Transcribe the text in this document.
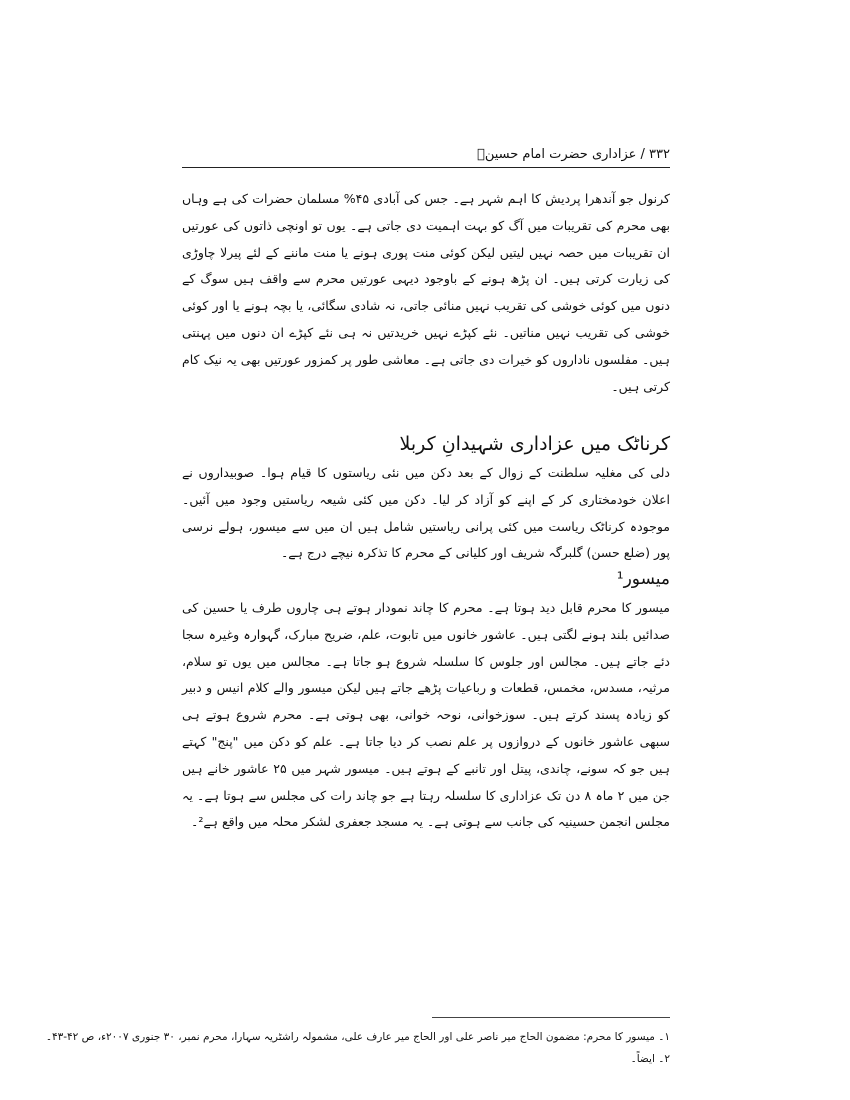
۳۳۲ / عزاداری حضرت امام حسینؑ

کرنول جو آندھرا پردیش کا اہم شہر ہے۔ جس کی آبادی ۴۵% مسلمان حضرات کی ہے وہاں بھی محرم کی تقریبات میں آگ کو بہت اہمیت دی جاتی ہے۔ یوں تو اونچی ذاتوں کی عورتیں ان تقریبات میں حصہ نہیں لیتیں لیکن کوئی منت پوری ہونے یا منت ماننے کے لئے پیرلا چاوڑی کی زیارت کرتی ہیں۔ ان پڑھ ہونے کے باوجود دیہی عورتیں محرم سے واقف ہیں سوگ کے دنوں میں کوئی خوشی کی تقریب نہیں منائی جاتی، نہ شادی سگائی، یا بچہ ہونے یا اور کوئی خوشی کی تقریب نہیں مناتیں۔ نئے کپڑے نہیں خریدتیں نہ ہی نئے کپڑے ان دنوں میں پہنتی ہیں۔ مفلسوں ناداروں کو خیرات دی جاتی ہے۔ معاشی طور پر کمزور عورتیں بھی یہ نیک کام کرتی ہیں۔

کرناٹک میں عزاداری شہیدانِ کربلا

دلی کی مغلیہ سلطنت کے زوال کے بعد دکن میں نئی ریاستوں کا قیام ہوا۔ صوبیداروں نے اعلان خودمختاری کر کے اپنے کو آزاد کر لیا۔ دکن میں کئی شیعہ ریاستیں وجود میں آئیں۔ موجودہ کرناٹک ریاست میں کئی پرانی ریاستیں شامل ہیں ان میں سے میسور، ہولے نرسی پور (ضلع حسن) گلبرگہ شریف اور کلیانی کے محرم کا تذکرہ نیچے درج ہے۔

میسور¹

میسور کا محرم قابل دید ہوتا ہے۔ محرم کا چاند نمودار ہوتے ہی چاروں طرف یا حسین کی صدائیں بلند ہونے لگتی ہیں۔ عاشور خانوں میں تابوت، علم، ضریح مبارک، گہوارہ وغیرہ سجا دئے جاتے ہیں۔ مجالس اور جلوس کا سلسلہ شروع ہو جاتا ہے۔ مجالس میں یوں تو سلام، مرثیہ، مسدس، مخمس، قطعات و رباعیات پڑھے جاتے ہیں لیکن میسور والے کلام انیس و دبیر کو زیادہ پسند کرتے ہیں۔ سوزخوانی، نوحہ خوانی، بھی ہوتی ہے۔ محرم شروع ہوتے ہی سبھی عاشور خانوں کے دروازوں پر علم نصب کر دیا جاتا ہے۔ علم کو دکن میں "پنج" کہتے ہیں جو کہ سونے، چاندی، پیتل اور تانبے کے ہوتے ہیں۔ میسور شہر میں ۲۵ عاشور خانے ہیں جن میں ۲ ماہ ۸ دن تک عزاداری کا سلسلہ رہتا ہے جو چاند رات کی مجلس سے ہوتا ہے۔ یہ مجلس انجمن حسینیہ کی جانب سے ہوتی ہے۔ یہ مسجد جعفری لشکر محلہ میں واقع ہے²۔

۱۔ میسور کا محرم: مضمون الحاج میر ناصر علی اور الحاج میر عارف علی، مشمولہ راشٹریہ سہارا، محرم نمبر، ۳۰ جنوری ۲۰۰۷ء، ص ۴۲-۴۳۔
۲۔ ایضاً۔
